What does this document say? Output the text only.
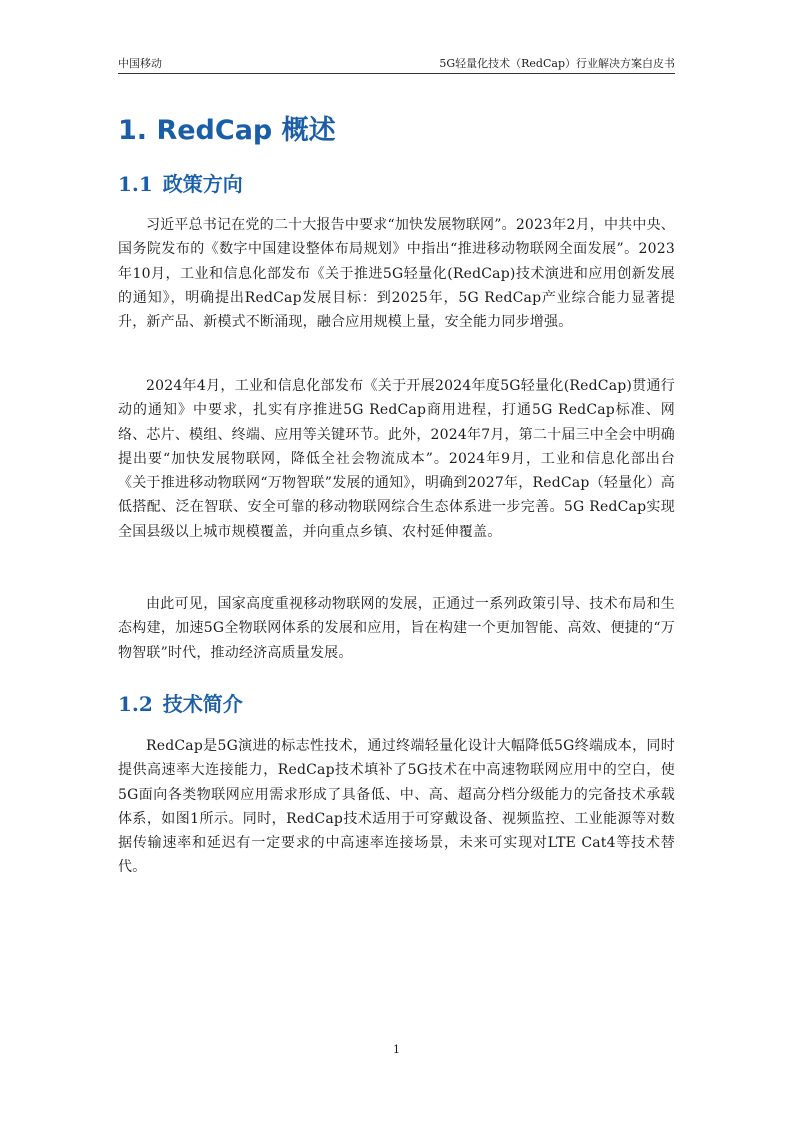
中国移动	5G轻量化技术（RedCap）行业解决方案白皮书
1. RedCap 概述
1.1 政策方向

习近平总书记在党的二十大报告中要求“加快发展物联网”。2023年2月，中共中央、国务院发布的《数字中国建设整体布局规划》中指出“推进移动物联网全面发展”。2023年10月，工业和信息化部发布《关于推进5G轻量化(RedCap)技术演进和应用创新发展的通知》，明确提出RedCap发展目标：到2025年，5G RedCap产业综合能力显著提升，新产品、新模式不断涌现，融合应用规模上量，安全能力同步增强。

2024年4月，工业和信息化部发布《关于开展2024年度5G轻量化(RedCap)贯通行动的通知》中要求，扎实有序推进5G RedCap商用进程，打通5G RedCap标准、网络、芯片、模组、终端、应用等关键环节。此外，2024年7月，第二十届三中全会中明确提出要“加快发展物联网，降低全社会物流成本”。2024年9月，工业和信息化部出台《关于推进移动物联网“万物智联”发展的通知》，明确到2027年，RedCap（轻量化）高低搭配、泛在智联、安全可靠的移动物联网综合生态体系进一步完善。5G RedCap实现全国县级以上城市规模覆盖，并向重点乡镇、农村延伸覆盖。

由此可见，国家高度重视移动物联网的发展，正通过一系列政策引导、技术布局和生态构建，加速5G全物联网体系的发展和应用，旨在构建一个更加智能、高效、便捷的“万物智联”时代，推动经济高质量发展。

1.2 技术简介

RedCap是5G演进的标志性技术，通过终端轻量化设计大幅降低5G终端成本，同时提供高速率大连接能力，RedCap技术填补了5G技术在中高速物联网应用中的空白，使5G面向各类物联网应用需求形成了具备低、中、高、超高分档分级能力的完备技术承载体系，如图1所示。同时，RedCap技术适用于可穿戴设备、视频监控、工业能源等对数据传输速率和延迟有一定要求的中高速率连接场景，未来可实现对LTE Cat4等技术替代。

1
